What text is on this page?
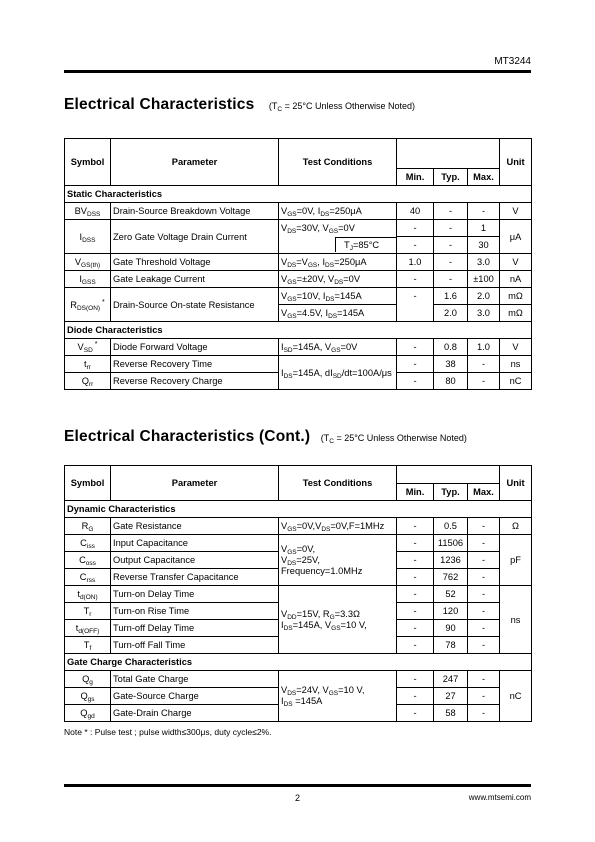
MT3244
Electrical Characteristics ($T_C = 25^\circ C$ Unless Otherwise Noted)
Symbol	Parameter	Test Conditions				Unit
			Min.	Typ.	Max.	
Static Characteristics						
$BV_{DSS}$	Drain-Source Breakdown Voltage	$V_{GS}=0V$, $I_{DS}=250\mu A$	40	-	-	V
$I_{DSS}$	Zero Gate Voltage Drain Current	$V_{DS}=30V$, $V_{GS}=0V$	-	-	1	μA

		$T_J=85^\circ C$	-	-	30	
$V_{GS(th)}$	Gate Threshold Voltage	$V_{DS}=V_{GS}$, $I_{DS}=250\mu A$	1.0	-	3.0	V
$I_{GSS}$	Gate Leakage Current	$V_{GS}=\pm 20V$, $V_{DS}=0V$	-	-	±100	nA
$R_{DS(ON)}$ *	Drain-Source On-state Resistance	$V_{GS}=10V$, $I_{DS}=145A$	-	1.6	2.0	mΩ
		$V_{GS}=4.5V$, $I_{DS}=145A$		2.0	3.0	mΩ
Diode Characteristics						
$V_{SD}$ *	Diode Forward Voltage	$I_{SD}=145A$, $V_{GS}=0V$	-	0.8	1.0	V
$t_{rr}$	Reverse Recovery Time	$I_{DS}=145A$, $dI_{SD}/dt=100A/\mu s$	-	38	-	ns
$Q_{rr}$	Reverse Recovery Charge		-	80	-	nC
Electrical Characteristics (Cont.) ($T_C = 25^\circ C$ Unless Otherwise Noted)
Symbol	Parameter	Test Conditions				Unit
			Min.	Typ.	Max.	
Dynamic Characteristics						
$R_G$	Gate Resistance	$V_{GS}=0V,V_{DS}=0V,F=1MHz$	-	0.5	-	Ω
$C_{iss}$	Input Capacitance	$V_{GS}=0V$,
$V_{DS}=25V$,
Frequency=1.0MHz	-	11506	-	pF
$C_{oss}$	Output Capacitance		-	1236	-	
$C_{rss}$	Reverse Transfer Capacitance		-	762	-	
$t_{d(ON)}$	Turn-on Delay Time	$V_{DD}=15V$, $R_G=3.3\Omega$
$I_{DS}=145A$, $V_{GS}=10$ V,	-	52	-	ns
$T_r$	Turn-on Rise Time		-	120	-	
$t_{d(OFF)}$	Turn-off Delay Time		-	90	-	
$T_f$	Turn-off Fall Time		-	78	-	
Gate Charge Characteristics						
$Q_g$	Total Gate Charge	$V_{DS}=24V$, $V_{GS}=10$ V,
$I_{DS} =145A$	-	247	-	nC
$Q_{gs}$	Gate-Source Charge		-	27	-	
$Q_{gd}$	Gate-Drain Charge		-	58	-	
Note * : Pulse test ; pulse width≤300μs, duty cycle≤2%.
2	www.mtsemi.com
